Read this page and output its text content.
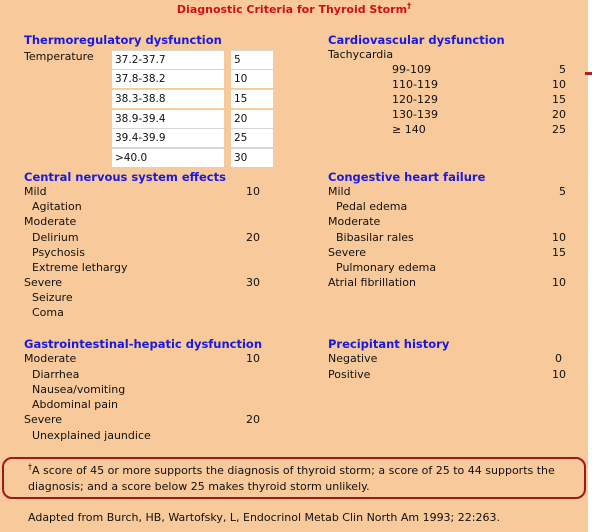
Diagnostic Criteria for Thyroid Storm†
Thermoregulatory dysfunction
Temperature 37.2-37.7	5
37.8-38.2	10
38.3-38.8	15
38.9-39.4	20
39.4-39.9	25
>40.0	30
Cardiovascular dysfunction
Tachycardia
99-109	5
110-119	10
120-129	15
130-139	20
≥ 140	25
Central nervous system effects
Mild	10
Agitation
Moderate
Delirium	20
Psychosis
Extreme lethargy
Severe	30
Seizure
Coma
Congestive heart failure
Mild	5
Pedal edema
Moderate
Bibasilar rales	10
Severe	15
Pulmonary edema
Atrial fibrillation	10
Gastrointestinal-hepatic dysfunction
Moderate	10
Diarrhea
Nausea/vomiting
Abdominal pain
Severe	20
Unexplained jaundice
Precipitant history
Negative	0
Positive	10
†A score of 45 or more supports the diagnosis of thyroid storm; a score of 25 to 44 supports the diagnosis; and a score below 25 makes thyroid storm unlikely.
Adapted from Burch, HB, Wartofsky, L, Endocrinol Metab Clin North Am 1993; 22:263.
